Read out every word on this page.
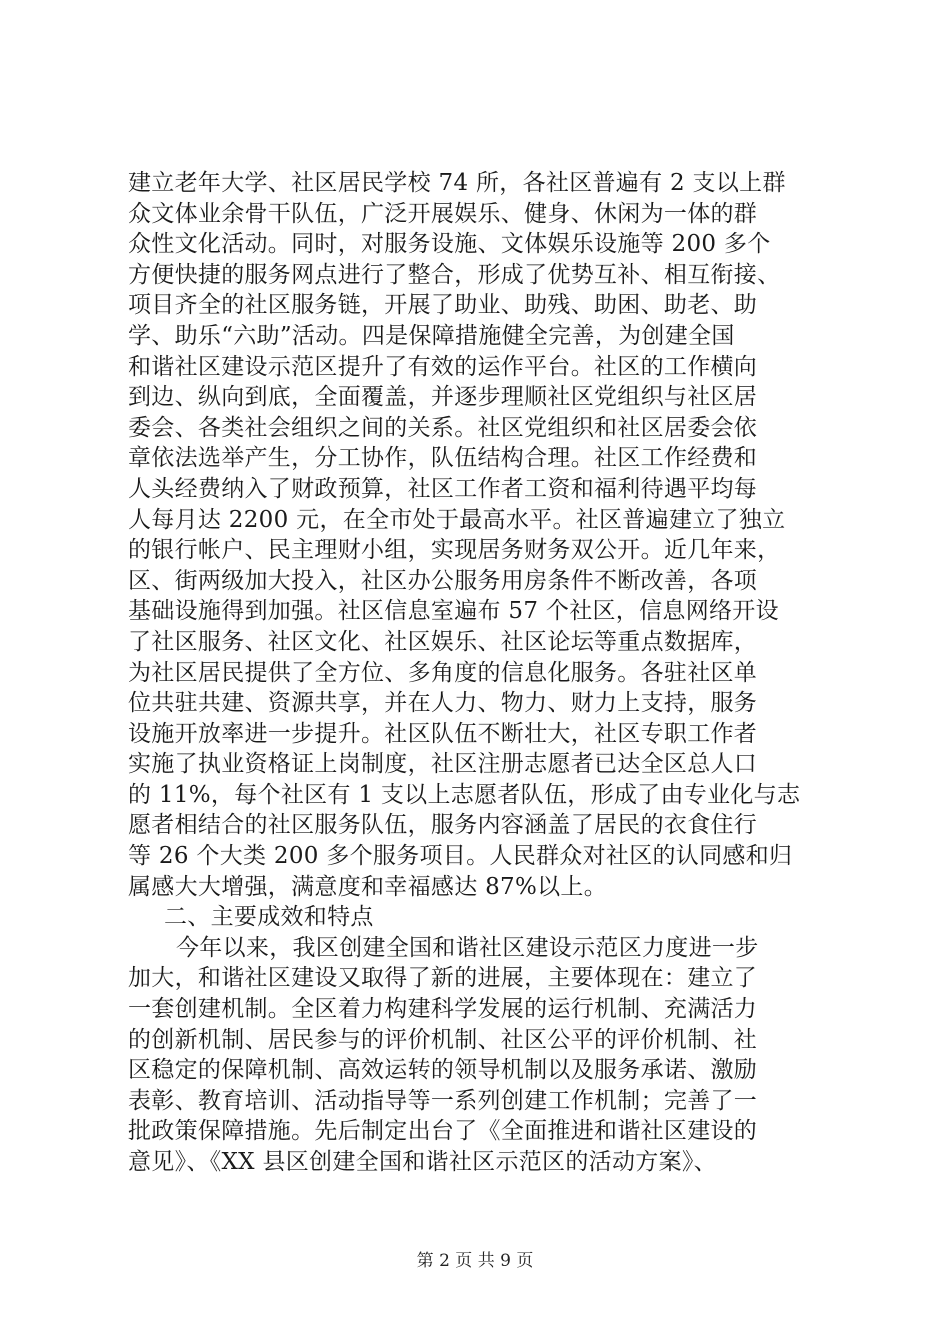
建立老年大学、社区居民学校 74 所，各社区普遍有 2 支以上群
众文体业余骨干队伍，广泛开展娱乐、健身、休闲为一体的群
众性文化活动。同时，对服务设施、文体娱乐设施等 200 多个
方便快捷的服务网点进行了整合，形成了优势互补、相互衔接、
项目齐全的社区服务链，开展了助业、助残、助困、助老、助
学、助乐“六助”活动。四是保障措施健全完善，为创建全国
和谐社区建设示范区提升了有效的运作平台。社区的工作横向
到边、纵向到底，全面覆盖，并逐步理顺社区党组织与社区居
委会、各类社会组织之间的关系。社区党组织和社区居委会依
章依法选举产生，分工协作，队伍结构合理。社区工作经费和
人头经费纳入了财政预算，社区工作者工资和福利待遇平均每
人每月达 2200 元，在全市处于最高水平。社区普遍建立了独立
的银行帐户、民主理财小组，实现居务财务双公开。近几年来，
区、街两级加大投入，社区办公服务用房条件不断改善，各项
基础设施得到加强。社区信息室遍布 57 个社区，信息网络开设
了社区服务、社区文化、社区娱乐、社区论坛等重点数据库，
为社区居民提供了全方位、多角度的信息化服务。各驻社区单
位共驻共建、资源共享，并在人力、物力、财力上支持，服务
设施开放率进一步提升。社区队伍不断壮大，社区专职工作者
实施了执业资格证上岗制度，社区注册志愿者已达全区总人口
的 11%，每个社区有 1 支以上志愿者队伍，形成了由专业化与志
愿者相结合的社区服务队伍，服务内容涵盖了居民的衣食住行
等 26 个大类 200 多个服务项目。人民群众对社区的认同感和归
属感大大增强，满意度和幸福感达 87%以上。
二、主要成效和特点
今年以来，我区创建全国和谐社区建设示范区力度进一步
加大，和谐社区建设又取得了新的进展，主要体现在：建立了
一套创建机制。全区着力构建科学发展的运行机制、充满活力
的创新机制、居民参与的评价机制、社区公平的评价机制、社
区稳定的保障机制、高效运转的领导机制以及服务承诺、激励
表彰、教育培训、活动指导等一系列创建工作机制；完善了一
批政策保障措施。先后制定出台了《全面推进和谐社区建设的
意见》、《XX 县区创建全国和谐社区示范区的活动方案》、
第 2 页 共 9 页
